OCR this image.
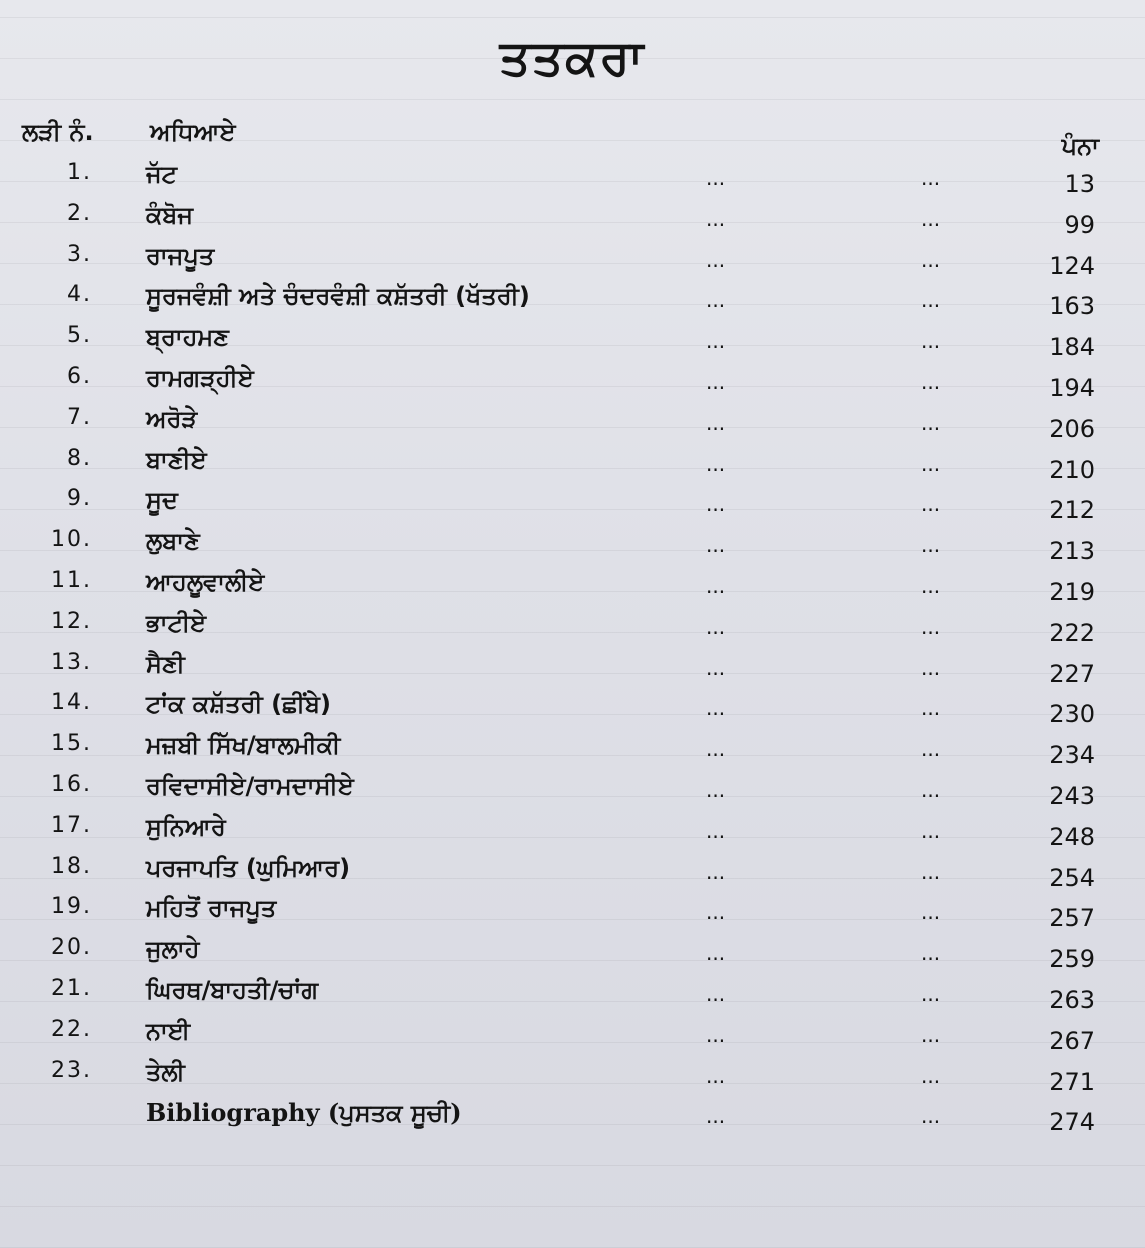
ਤਤਕਰਾ
ਲੜੀ ਨੰ. ਅਧਿਆਏ	ਪੰਨਾ
1. ਜੱਟ	...	...	13
2. ਕੰਬੋਜ	...	...	99
3. ਰਾਜਪੂਤ	...	...	124
4. ਸੂਰਜਵੰਸ਼ੀ ਅਤੇ ਚੰਦਰਵੰਸ਼ੀ ਕਸ਼ੱਤਰੀ (ਖੱਤਰੀ)	...	...	163
5. ਬ੍ਰਾਹਮਣ	...	...	184
6. ਰਾਮਗੜ੍ਹੀਏ	...	...	194
7. ਅਰੋੜੇ	...	...	206
8. ਬਾਣੀਏ	...	...	210
9. ਸੂਦ	...	...	212
10. ਲੁਬਾਣੇ	...	...	213
11. ਆਹਲੂਵਾਲੀਏ	...	...	219
12. ਭਾਟੀਏ	...	...	222
13. ਸੈਣੀ	...	...	227
14. ਟਾਂਕ ਕਸ਼ੱਤਰੀ (ਛੀਂਬੇ)	...	...	230
15. ਮਜ਼ਬੀ ਸਿੱਖ/ਬਾਲਮੀਕੀ	...	...	234
16. ਰਵਿਦਾਸੀਏ/ਰਾਮਦਾਸੀਏ	...	...	243
17. ਸੁਨਿਆਰੇ	...	...	248
18. ਪਰਜਾਪਤਿ (ਘੁਮਿਆਰ)	...	...	254
19. ਮਹਿਤੋਂ ਰਾਜਪੂਤ	...	...	257
20. ਜੁਲਾਹੇ	...	...	259
21. ਘਿਰਥ/ਬਾਹਤੀ/ਚਾਂਗ	...	...	263
22. ਨਾਈ	...	...	267
23. ਤੇਲੀ	...	...	271
Bibliography (ਪੁਸਤਕ ਸੂਚੀ)	...	...	274
